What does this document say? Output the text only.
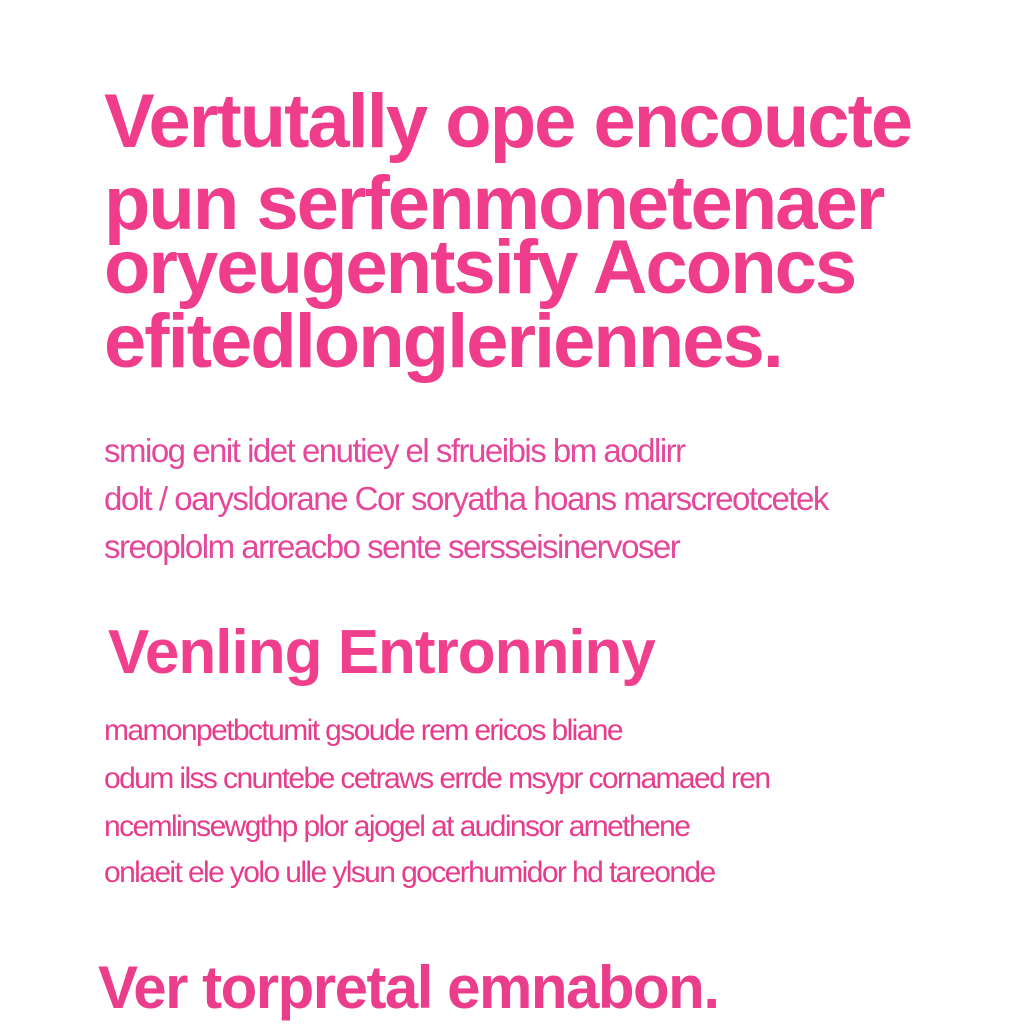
Vertutally ope encoucte

pun serfenmonetenaer

oryeugentsify Aconcs

efitedlongleriennes.

smiog enit idet enutiey el sfrueibis bm aodlirr

dolt / oarysldorane Cor soryatha hoans marscreotcetek

sreoplolm arreacbo sente sersseisinervoser

Venling Entronniny

mamonpetbctumit gsoude rem ericos bliane

odum ilss cnuntebe cetraws errde msypr cornamaed ren

ncemlinsewgthp plor ajogel at audinsor arnethene

onlaeit ele yolo ulle ylsun gocerhumidor hd tareonde

Ver torpretal emnabon.
